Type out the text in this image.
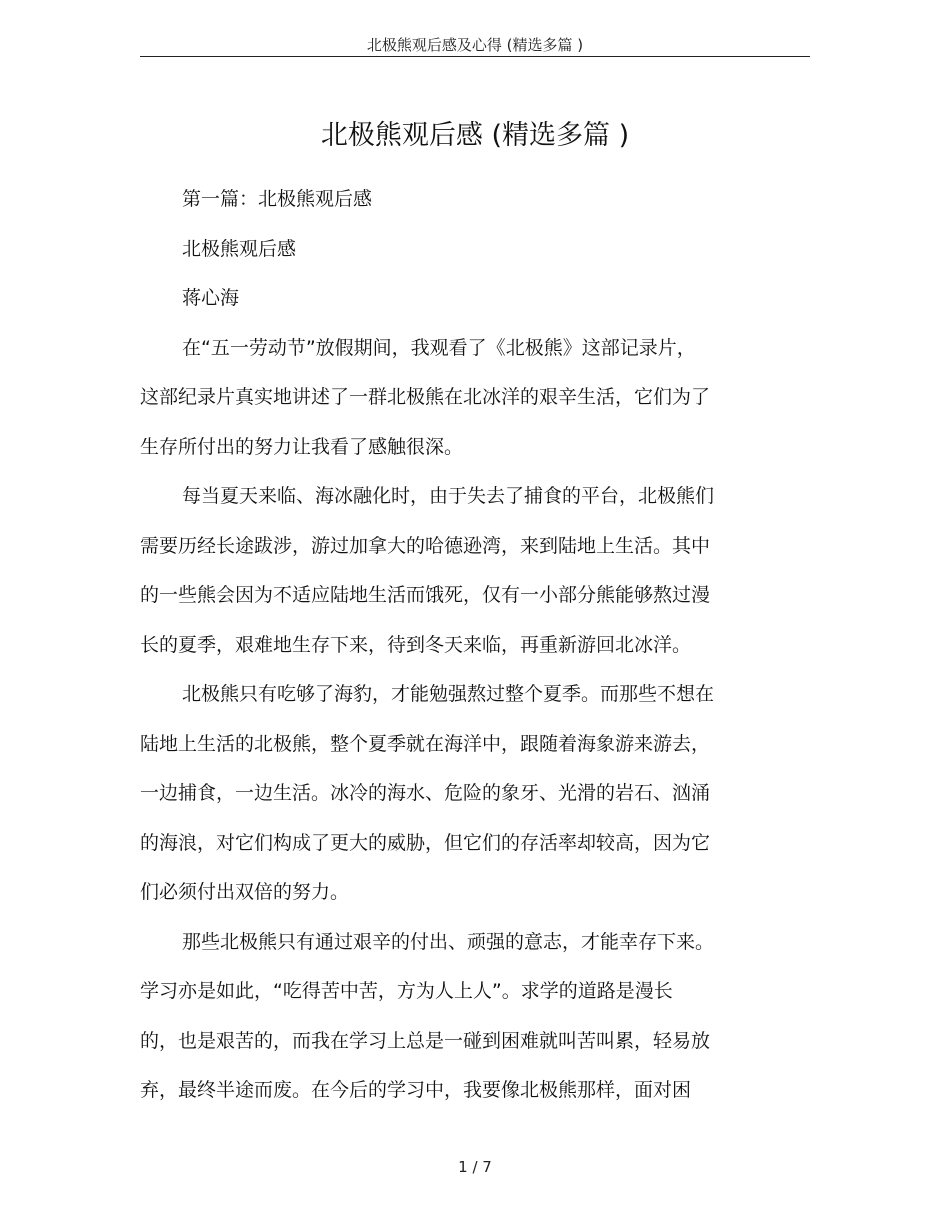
北极熊观后感及心得 (精选多篇 )
北极熊观后感 (精选多篇 )
第一篇：北极熊观后感
北极熊观后感
蒋心海
在“五一劳动节”放假期间，我观看了《北极熊》这部记录片，
这部纪录片真实地讲述了一群北极熊在北冰洋的艰辛生活，它们为了
生存所付出的努力让我看了感触很深。
每当夏天来临、海冰融化时，由于失去了捕食的平台，北极熊们
需要历经长途跋涉，游过加拿大的哈德逊湾，来到陆地上生活。其中
的一些熊会因为不适应陆地生活而饿死，仅有一小部分熊能够熬过漫
长的夏季，艰难地生存下来，待到冬天来临，再重新游回北冰洋。
北极熊只有吃够了海豹，才能勉强熬过整个夏季。而那些不想在
陆地上生活的北极熊，整个夏季就在海洋中，跟随着海象游来游去，
一边捕食，一边生活。冰冷的海水、危险的象牙、光滑的岩石、汹涌
的海浪，对它们构成了更大的威胁，但它们的存活率却较高，因为它
们必须付出双倍的努力。
那些北极熊只有通过艰辛的付出、顽强的意志，才能幸存下来。
学习亦是如此，“吃得苦中苦，方为人上人”。求学的道路是漫长
的，也是艰苦的，而我在学习上总是一碰到困难就叫苦叫累，轻易放
弃，最终半途而废。在今后的学习中，我要像北极熊那样，面对困
1 / 7
